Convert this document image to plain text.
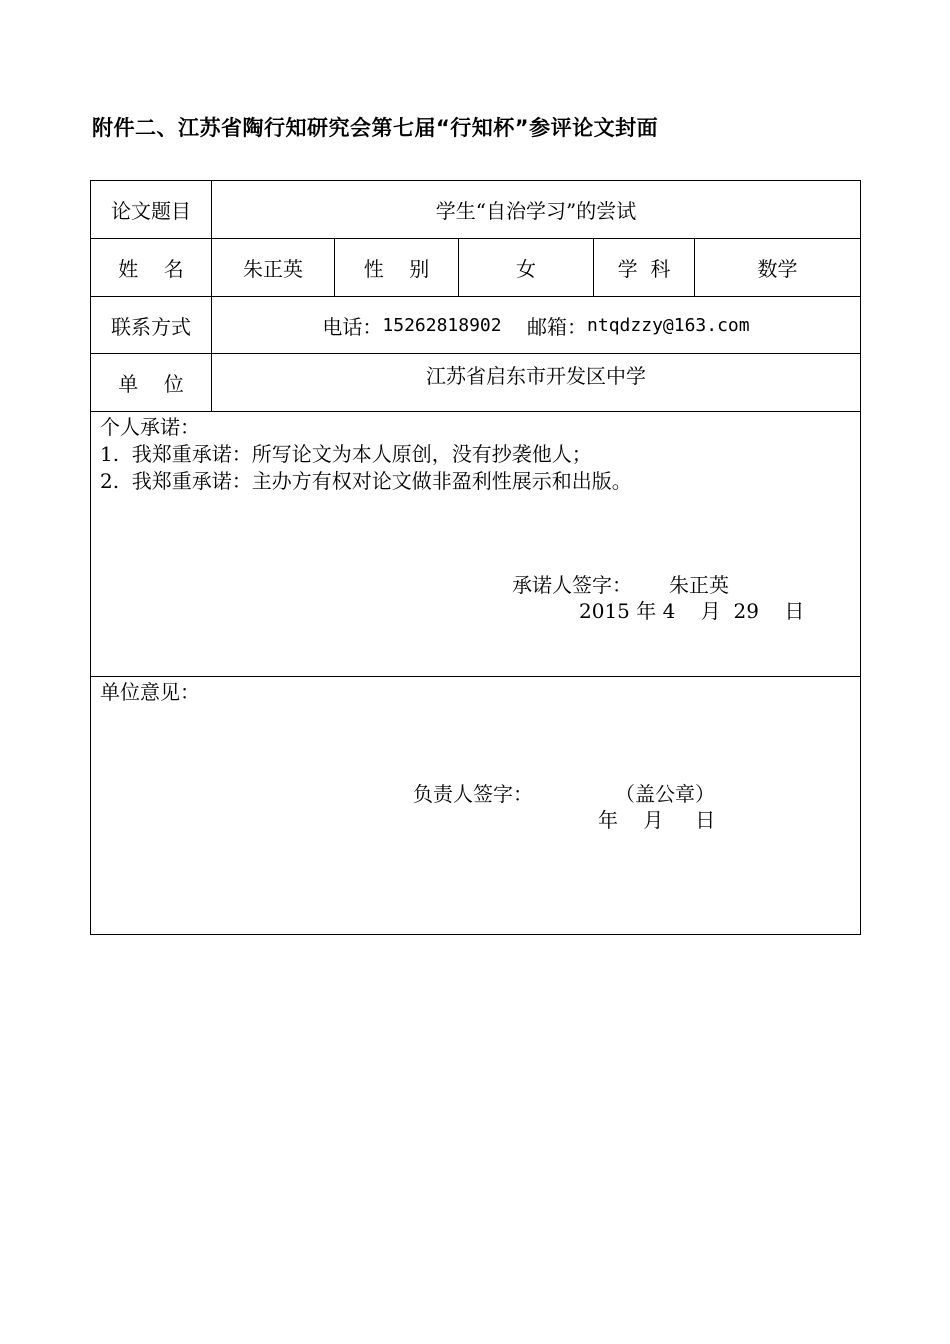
附件二、江苏省陶行知研究会第七届“行知杯”参评论文封面
论文题目	学生“自治学习”的尝试
姓    名	朱正英	性    别	女	学  科	数学
联系方式	电话： 15262818902
邮箱： ntqdzzy@163.com
单    位	江苏省启东市开发区中学
个人承诺：
1.  我郑重承诺：所写论文为本人原创，没有抄袭他人；
2.  我郑重承诺：主办方有权对论文做非盈利性展示和出版。
承诺人签字： 朱正英
2015 年 4    月  29    日
单位意见：
负责人签字：	（盖公章）
年    月     日
